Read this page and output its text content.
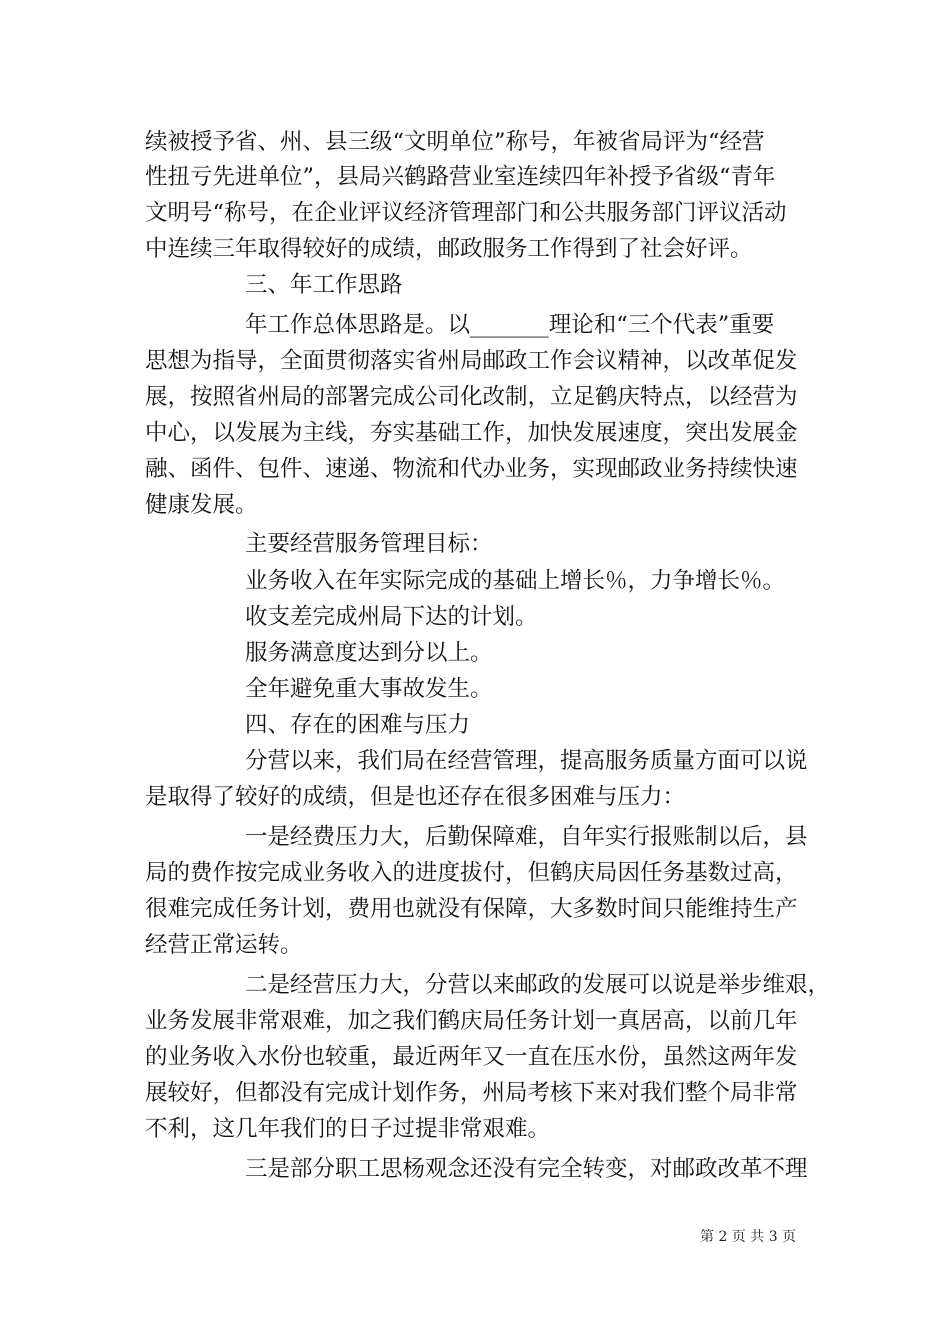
续被授予省、州、县三级“文明单位”称号，年被省局评为“经营
性扭亏先进单位”，县局兴鹤路营业室连续四年补授予省级“青年
文明号“称号，在企业评议经济管理部门和公共服务部门评议活动
中连续三年取得较好的成绩，邮政服务工作得到了社会好评。
三、年工作思路
年工作总体思路是。以_______理论和“三个代表”重要
思想为指导，全面贯彻落实省州局邮政工作会议精神，以改革促发
展，按照省州局的部署完成公司化改制，立足鹤庆特点，以经营为
中心，以发展为主线，夯实基础工作，加快发展速度，突出发展金
融、函件、包件、速递、物流和代办业务，实现邮政业务持续快速
健康发展。
主要经营服务管理目标：
业务收入在年实际完成的基础上增长％，力争增长％。
收支差完成州局下达的计划。
服务满意度达到分以上。
全年避免重大事故发生。
四、存在的困难与压力
分营以来，我们局在经营管理，提高服务质量方面可以说
是取得了较好的成绩，但是也还存在很多困难与压力：
一是经费压力大，后勤保障难，自年实行报账制以后，县
局的费作按完成业务收入的进度拔付，但鹤庆局因任务基数过高，
很难完成任务计划，费用也就没有保障，大多数时间只能维持生产
经营正常运转。
二是经营压力大，分营以来邮政的发展可以说是举步维艰，
业务发展非常艰难，加之我们鹤庆局任务计划一真居高，以前几年
的业务收入水份也较重，最近两年又一直在压水份，虽然这两年发
展较好，但都没有完成计划作务，州局考核下来对我们整个局非常
不利，这几年我们的日子过提非常艰难。
三是部分职工思杨观念还没有完全转变，对邮政改革不理
第 2 页 共 3 页
